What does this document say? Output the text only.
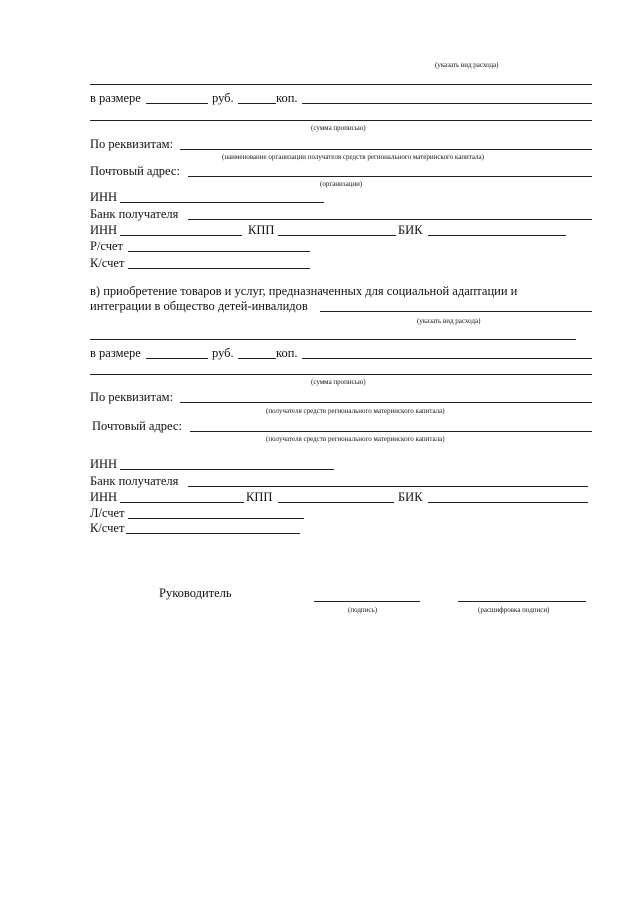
(указать вид расхода)
в размере	руб.	коп.
(сумма прописью)
По реквизитам:
(наименование организации получателя средств регионального материнского капитала)
Почтовый адрес:
(организации)
ИНН
Банк получателя
ИНН	КПП	БИК
Р/счет
К/счет
в) приобретение товаров и услуг, предназначенных для социальной адаптации и
интеграции в общество детей-инвалидов
(указать вид расхода)
в размере	руб.	коп.
(сумма прописью)
По реквизитам:
(получателя средств регионального материнского капитала)
Почтовый адрес:
(получателя средств регионального материнского капитала)
ИНН
Банк получателя
ИНН	КПП	БИК
Л/счет
К/счет
Руководитель
(подпись)	(расшифровка подписи)
